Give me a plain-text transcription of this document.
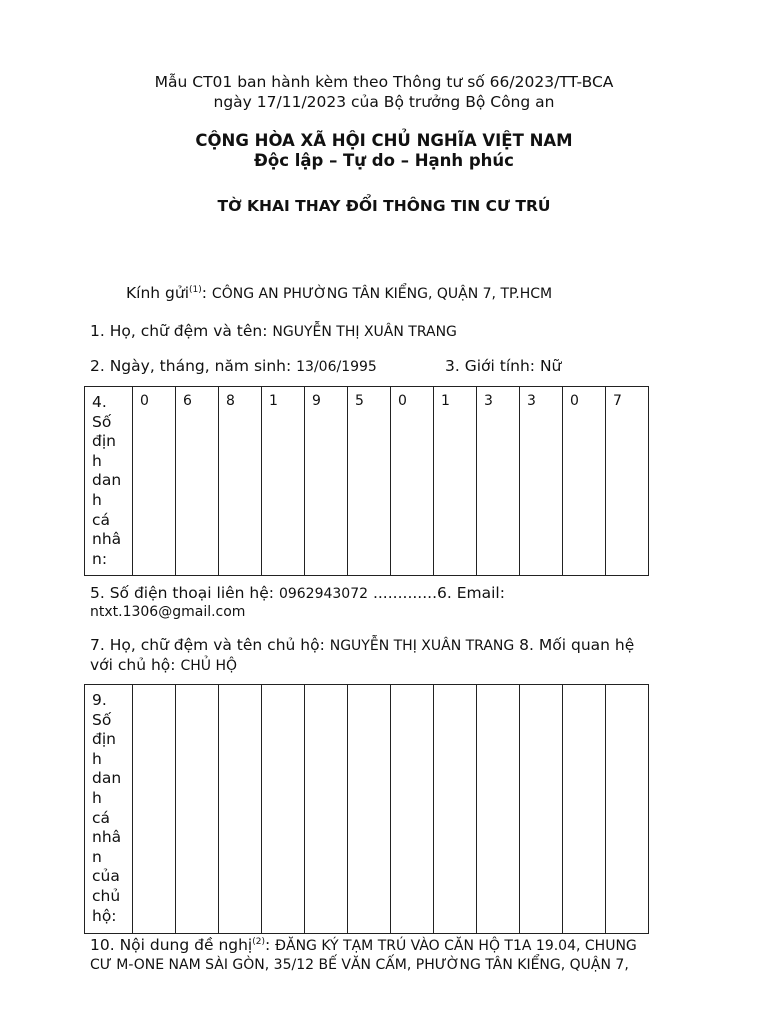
Mẫu CT01 ban hành kèm theo Thông tư số 66/2023/TT-BCA
ngày 17/11/2023 của Bộ trưởng Bộ Công an
CỘNG HÒA XÃ HỘI CHỦ NGHĨA VIỆT NAM
Độc lập – Tự do – Hạnh phúc
TỜ KHAI THAY ĐỔI THÔNG TIN CƯ TRÚ
Kính gửi$^{(1)}$: CÔNG AN PHƯỜNG TÂN KIỂNG, QUẬN 7, TP.HCM
1. Họ, chữ đệm và tên: NGUYỄN THỊ XUÂN TRANG
2. Ngày, tháng, năm sinh: 13/06/1995	3. Giới tính: Nữ
4.
Số
địn
h
dan
h
cá
nhâ
n:
	0	6	8	1	9	5	0	1	3	3	0	7
5. Số điện thoại liên hệ: 0962943072 .............6. Email:
ntxt.1306@gmail.com
7. Họ, chữ đệm và tên chủ hộ: NGUYỄN THỊ XUÂN TRANG 8. Mối quan hệ
với chủ hộ: CHỦ HỘ
9.
Số
địn
h
dan
h
cá
nhâ
n
của
chủ
hộ:

10. Nội dung đề nghị$^{(2)}$: ĐĂNG KÝ TẠM TRÚ VÀO CĂN HỘ T1A 19.04, CHUNG
CƯ M-ONE NAM SÀI GÒN, 35/12 BẾ VĂN CẤM, PHƯỜNG TÂN KIỂNG, QUẬN 7,
